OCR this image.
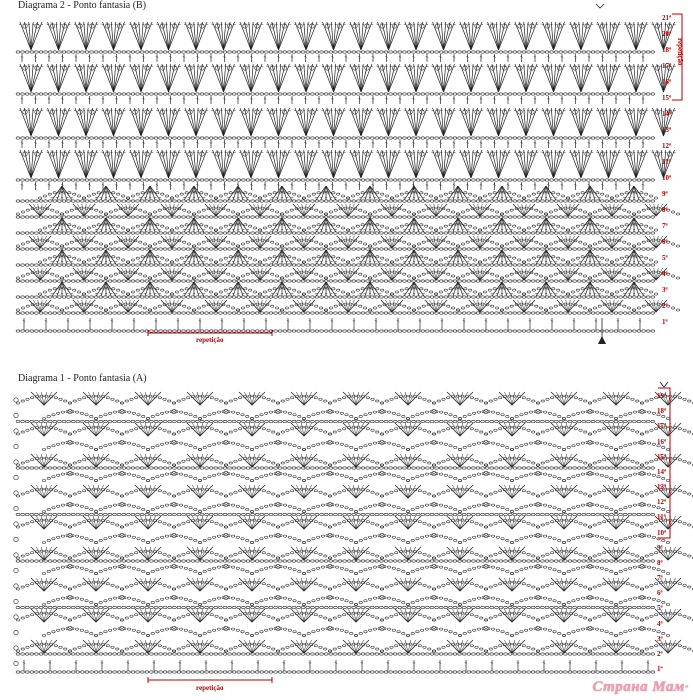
Diagrama 2 - Ponto fantasia (B)
repetição
repetição
21ª
20ª
18ª
17ª
16ª
15ª
14ª
13ª
12ª
11ª
10ª
9ª
8ª
7ª
6ª
5ª
4ª
3ª
2ª
1ª
Diagrama 1 - Ponto fantasia (A)
repetição
19ª
18ª
17ª
16ª
15ª
14ª
13ª
12ª
11ª
10ª
9ª
8ª
7ª
6ª
5ª
4ª
3ª
2ª
1ª
Страна Мам·
